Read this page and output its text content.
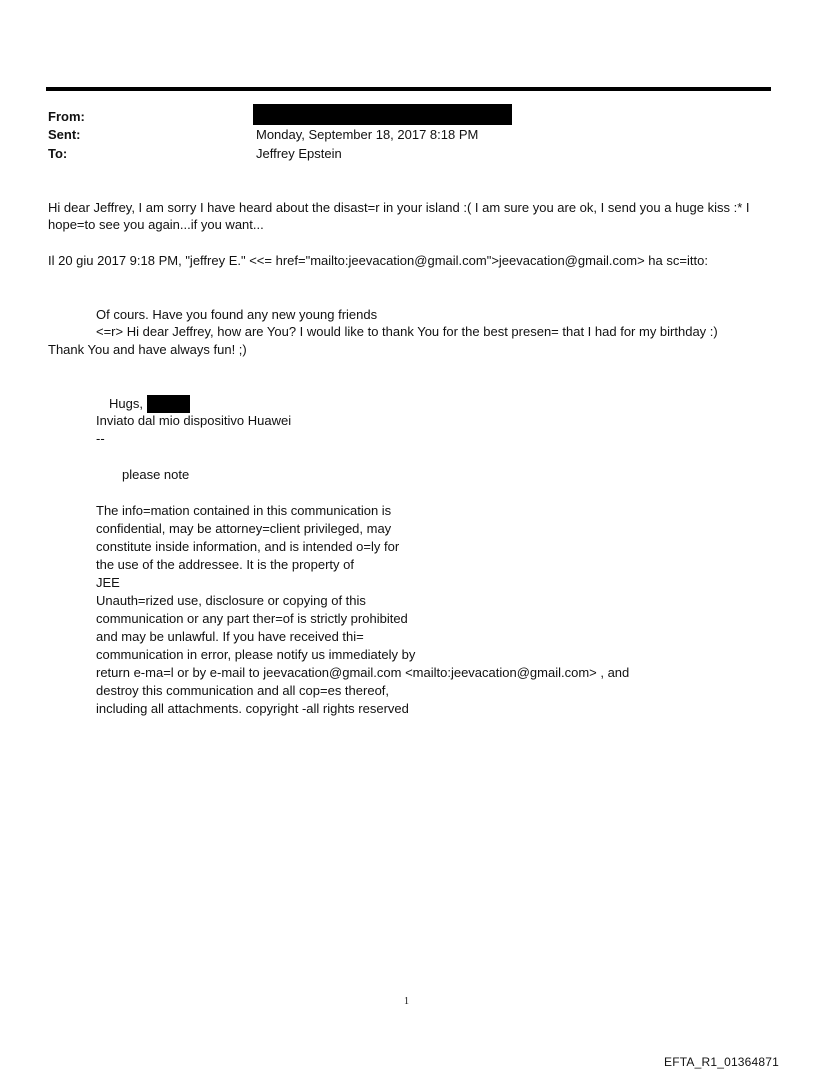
From:
Sent:	Monday, September 18, 2017 8:18 PM
To:	Jeffrey Epstein
Hi dear Jeffrey, I am sorry I have heard about the disast=r in your island :( I am sure you are ok, I send you a huge kiss :* I
hope=to see you again...if you want...
Il 20 giu 2017 9:18 PM, "jeffrey E." <<= href="mailto:jeevacation@gmail.com">jeevacation@gmail.com> ha sc=itto:
Of cours. Have you found any new young friends
<=r> Hi dear Jeffrey, how are You? I would like to thank You for the best presen= that I had for my birthday :)
Thank You and have always fun! ;)
Hugs,
Inviato dal mio dispositivo Huawei
--
please note
The info=mation contained in this communication is
confidential, may be attorney=client privileged, may
constitute inside information, and is intended o=ly for
the use of the addressee. It is the property of
JEE
Unauth=rized use, disclosure or copying of this
communication or any part ther=of is strictly prohibited
and may be unlawful. If you have received thi=
communication in error, please notify us immediately by
return e-ma=l or by e-mail to jeevacation@gmail.com <mailto:jeevacation@gmail.com> , and
destroy this communication and all cop=es thereof,
including all attachments. copyright -all rights reserved
1
EFTA_R1_01364871
